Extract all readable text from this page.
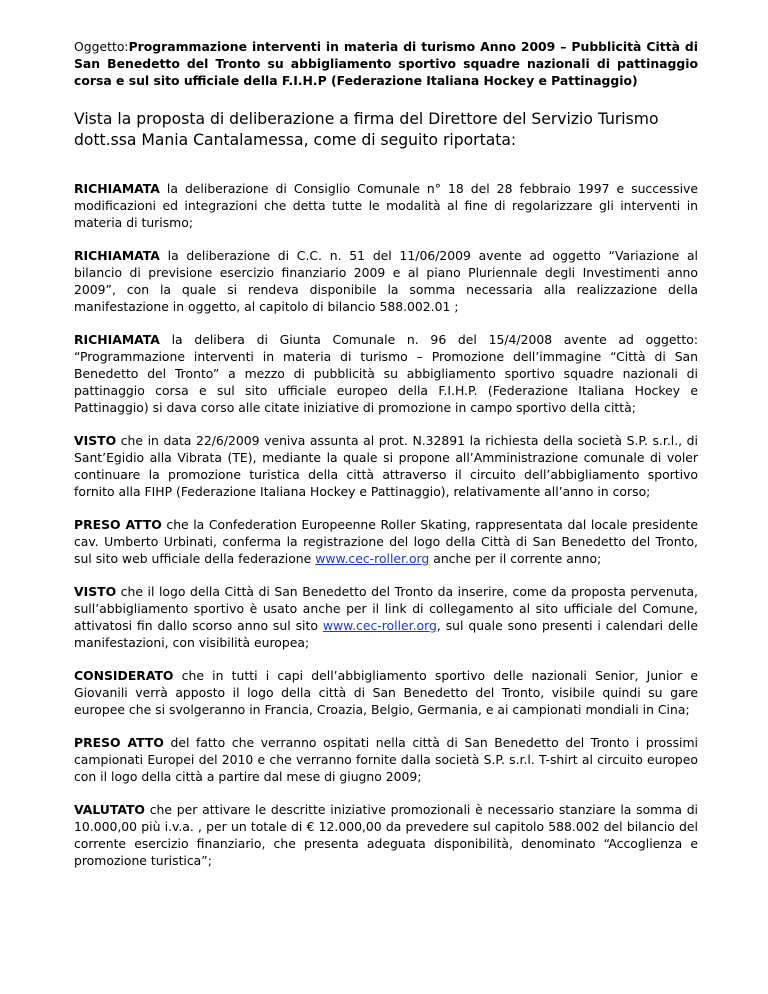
Oggetto:Programmazione interventi in materia di turismo Anno 2009 – Pubblicità Città di San Benedetto del Tronto su abbigliamento sportivo squadre nazionali di pattinaggio corsa e sul sito ufficiale della F.I.H.P (Federazione Italiana Hockey e Pattinaggio)

Vista la proposta di deliberazione a firma del Direttore del Servizio Turismo dott.ssa Mania Cantalamessa, come di seguito riportata:

RICHIAMATA la deliberazione di Consiglio Comunale n° 18 del 28 febbraio 1997 e successive modificazioni ed integrazioni che detta tutte le modalità al fine di regolarizzare gli interventi in materia di turismo;

RICHIAMATA la deliberazione di C.C. n. 51 del 11/06/2009 avente ad oggetto “Variazione al bilancio di previsione esercizio finanziario 2009 e al piano Pluriennale degli Investimenti anno 2009”, con la quale si rendeva disponibile la somma necessaria alla realizzazione della manifestazione in oggetto, al capitolo di bilancio 588.002.01 ;

RICHIAMATA la delibera di Giunta Comunale n. 96 del 15/4/2008 avente ad oggetto: “Programmazione interventi in materia di turismo – Promozione dell’immagine “Città di San Benedetto del Tronto” a mezzo di pubblicità su abbigliamento sportivo squadre nazionali di pattinaggio corsa e sul sito ufficiale europeo della F.I.H.P. (Federazione Italiana Hockey e Pattinaggio) si dava corso alle citate iniziative di promozione in campo sportivo della città;

VISTO che in data 22/6/2009 veniva assunta al prot. N.32891 la richiesta della società S.P. s.r.l., di Sant’Egidio alla Vibrata (TE), mediante la quale si propone all’Amministrazione comunale di voler continuare la promozione turistica della città attraverso il circuito dell’abbigliamento sportivo fornito alla FIHP (Federazione Italiana Hockey e Pattinaggio), relativamente all’anno in corso;

PRESO ATTO che la Confederation Europeenne Roller Skating, rappresentata dal locale presidente cav. Umberto Urbinati, conferma la registrazione del logo della Città di San Benedetto del Tronto, sul sito web ufficiale della federazione www.cec-roller.org anche per il corrente anno;

VISTO che il logo della Città di San Benedetto del Tronto da inserire, come da proposta pervenuta, sull’abbigliamento sportivo è usato anche per il link di collegamento al sito ufficiale del Comune, attivatosi fin dallo scorso anno sul sito www.cec-roller.org, sul quale sono presenti i calendari delle manifestazioni, con visibilità europea;

CONSIDERATO che in tutti i capi dell’abbigliamento sportivo delle nazionali Senior, Junior e Giovanili verrà apposto il logo della città di San Benedetto del Tronto, visibile quindi su gare europee che si svolgeranno in Francia, Croazia, Belgio, Germania, e ai campionati mondiali in Cina;

PRESO ATTO del fatto che verranno ospitati nella città di San Benedetto del Tronto i prossimi campionati Europei del 2010 e che verranno fornite dalla società S.P. s.r.l. T-shirt al circuito europeo con il logo della città a partire dal mese di giugno 2009;

VALUTATO che per attivare le descritte iniziative promozionali è necessario stanziare la somma di 10.000,00 più i.v.a. , per un totale di € 12.000,00 da prevedere sul capitolo 588.002 del bilancio del corrente esercizio finanziario, che presenta adeguata disponibilità, denominato “Accoglienza e promozione turistica”;
